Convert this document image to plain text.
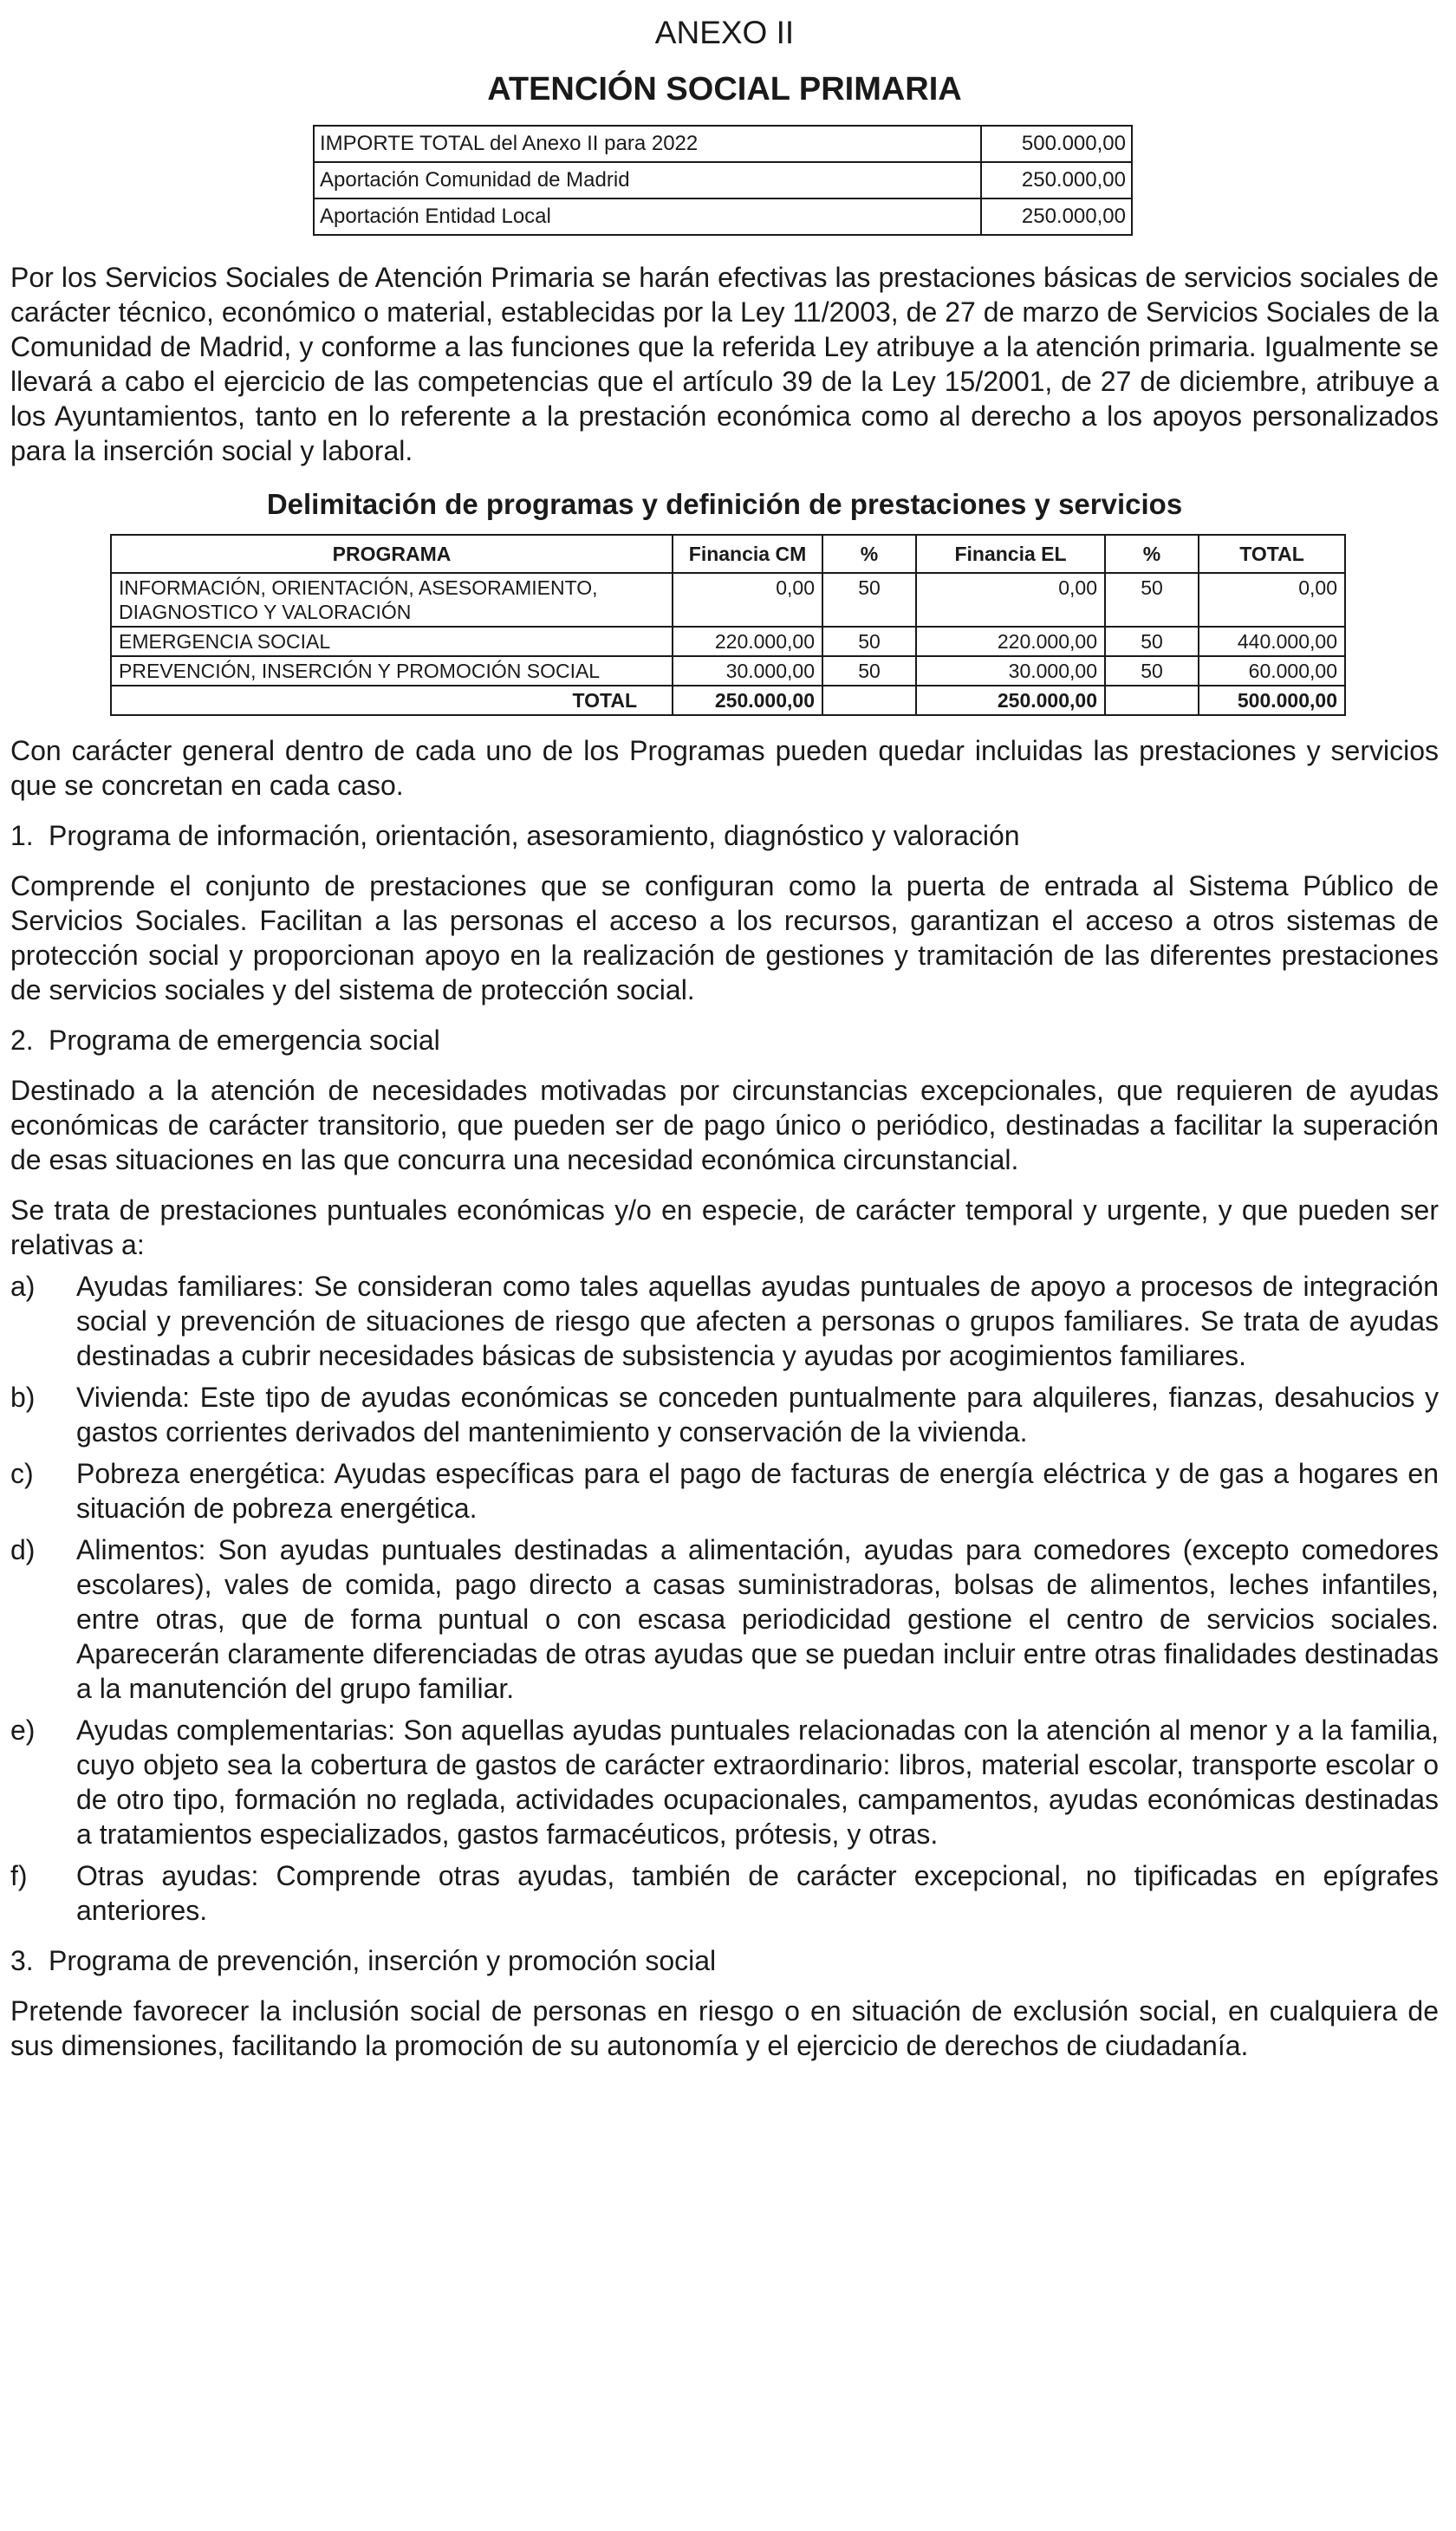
ANEXO II
ATENCIÓN SOCIAL PRIMARIA
IMPORTE TOTAL del Anexo II para 2022	500.000,00
Aportación Comunidad de Madrid	250.000,00
Aportación Entidad Local	250.000,00

Por los Servicios Sociales de Atención Primaria se harán efectivas las prestaciones básicas de servicios sociales de carácter técnico, económico o material, establecidas por la Ley 11/2003, de 27 de marzo de Servicios Sociales de la Comunidad de Madrid, y conforme a las funciones que la referida Ley atribuye a la atención primaria. Igualmente se llevará a cabo el ejercicio de las competencias que el artículo 39 de la Ley 15/2001, de 27 de diciembre, atribuye a los Ayuntamientos, tanto en lo referente a la prestación económica como al derecho a los apoyos personalizados para la inserción social y laboral.

Delimitación de programas y definición de prestaciones y servicios
PROGRAMA	Financia CM	%	Financia EL	%	TOTAL
INFORMACIÓN, ORIENTACIÓN, ASESORAMIENTO, DIAGNOSTICO Y VALORACIÓN	0,00	50	0,00	50	0,00
EMERGENCIA SOCIAL	220.000,00	50	220.000,00	50	440.000,00
PREVENCIÓN, INSERCIÓN Y PROMOCIÓN SOCIAL	30.000,00	50	30.000,00	50	60.000,00
TOTAL	250.000,00		250.000,00		500.000,00

Con carácter general dentro de cada uno de los Programas pueden quedar incluidas las prestaciones y servicios que se concretan en cada caso.

1. Programa de información, orientación, asesoramiento, diagnóstico y valoración

Comprende el conjunto de prestaciones que se configuran como la puerta de entrada al Sistema Público de Servicios Sociales. Facilitan a las personas el acceso a los recursos, garantizan el acceso a otros sistemas de protección social y proporcionan apoyo en la realización de gestiones y tramitación de las diferentes prestaciones de servicios sociales y del sistema de protección social.

2. Programa de emergencia social

Destinado a la atención de necesidades motivadas por circunstancias excepcionales, que requieren de ayudas económicas de carácter transitorio, que pueden ser de pago único o periódico, destinadas a facilitar la superación de esas situaciones en las que concurra una necesidad económica circunstancial.

Se trata de prestaciones puntuales económicas y/o en especie, de carácter temporal y urgente, y que pueden ser relativas a:

a)	Ayudas familiares: Se consideran como tales aquellas ayudas puntuales de apoyo a procesos de integración social y prevención de situaciones de riesgo que afecten a personas o grupos familiares. Se trata de ayudas destinadas a cubrir necesidades básicas de subsistencia y ayudas por acogimientos familiares.

b)	Vivienda: Este tipo de ayudas económicas se conceden puntualmente para alquileres, fianzas, desahucios y gastos corrientes derivados del mantenimiento y conservación de la vivienda.

c)	Pobreza energética: Ayudas específicas para el pago de facturas de energía eléctrica y de gas a hogares en situación de pobreza energética.

d)	Alimentos: Son ayudas puntuales destinadas a alimentación, ayudas para comedores (excepto comedores escolares), vales de comida, pago directo a casas suministradoras, bolsas de alimentos, leches infantiles, entre otras, que de forma puntual o con escasa periodicidad gestione el centro de servicios sociales. Aparecerán claramente diferenciadas de otras ayudas que se puedan incluir entre otras finalidades destinadas a la manutención del grupo familiar.

e)	Ayudas complementarias: Son aquellas ayudas puntuales relacionadas con la atención al menor y a la familia, cuyo objeto sea la cobertura de gastos de carácter extraordinario: libros, material escolar, transporte escolar o de otro tipo, formación no reglada, actividades ocupacionales, campamentos, ayudas económicas destinadas a tratamientos especializados, gastos farmacéuticos, prótesis, y otras.

f)	Otras ayudas: Comprende otras ayudas, también de carácter excepcional, no tipificadas en epígrafes anteriores.

3. Programa de prevención, inserción y promoción social

Pretende favorecer la inclusión social de personas en riesgo o en situación de exclusión social, en cualquiera de sus dimensiones, facilitando la promoción de su autonomía y el ejercicio de derechos de ciudadanía.
